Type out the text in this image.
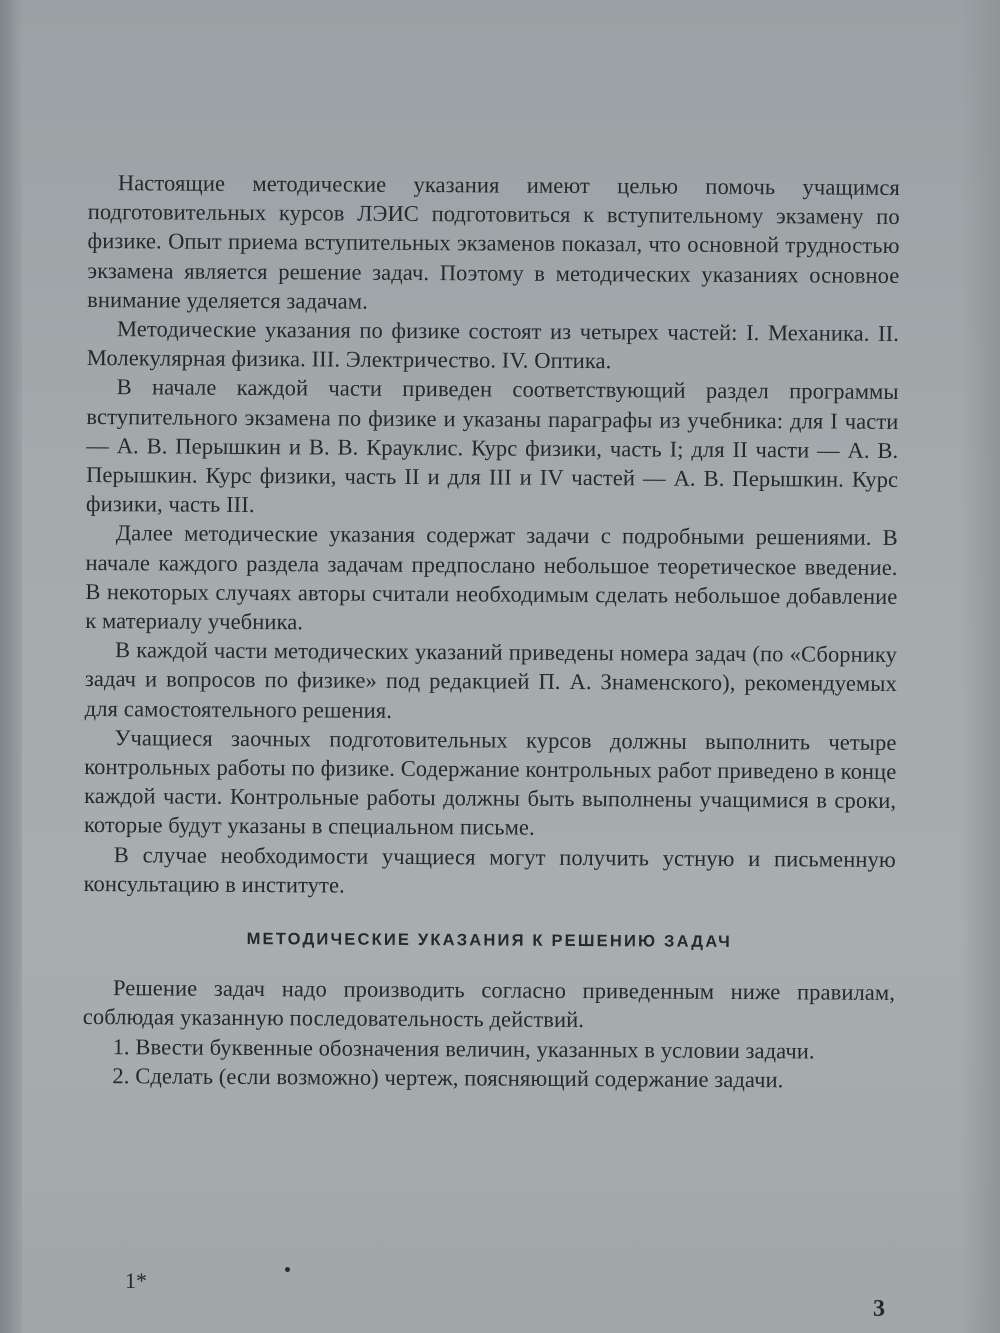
Настоящие методические указания имеют целью помочь учащимся подготовительных курсов ЛЭИС подготовиться к вступительному экзамену по физике. Опыт приема вступительных экзаменов показал, что основной трудностью экзамена является решение задач. Поэтому в методических указаниях основное внимание уделяется задачам.

Методические указания по физике состоят из четырех частей: I. Механика. II. Молекулярная физика. III. Электричество. IV. Оптика.

В начале каждой части приведен соответствующий раздел программы вступительного экзамена по физике и указаны параграфы из учебника: для I части — А. В. Перышкин и В. В. Крауклис. Курс физики, часть I; для II части — А. В. Перышкин. Курс физики, часть II и для III и IV частей — А. В. Перышкин. Курс физики, часть III.

Далее методические указания содержат задачи с подробными решениями. В начале каждого раздела задачам предпослано небольшое теоретическое введение. В некоторых случаях авторы считали необходимым сделать небольшое добавление к материалу учебника.

В каждой части методических указаний приведены номера задач (по «Сборнику задач и вопросов по физике» под редакцией П. А. Знаменского), рекомендуемых для самостоятельного решения.

Учащиеся заочных подготовительных курсов должны выполнить четыре контрольных работы по физике. Содержание контрольных работ приведено в конце каждой части. Контрольные работы должны быть выполнены учащимися в сроки, которые будут указаны в специальном письме.

В случае необходимости учащиеся могут получить устную и письменную консультацию в институте.

МЕТОДИЧЕСКИЕ УКАЗАНИЯ К РЕШЕНИЮ ЗАДАЧ

Решение задач надо производить согласно приведенным ниже правилам, соблюдая указанную последовательность действий.

1. Ввести буквенные обозначения величин, указанных в условии задачи.

2. Сделать (если возможно) чертеж, поясняющий содержание задачи.

1*
3
